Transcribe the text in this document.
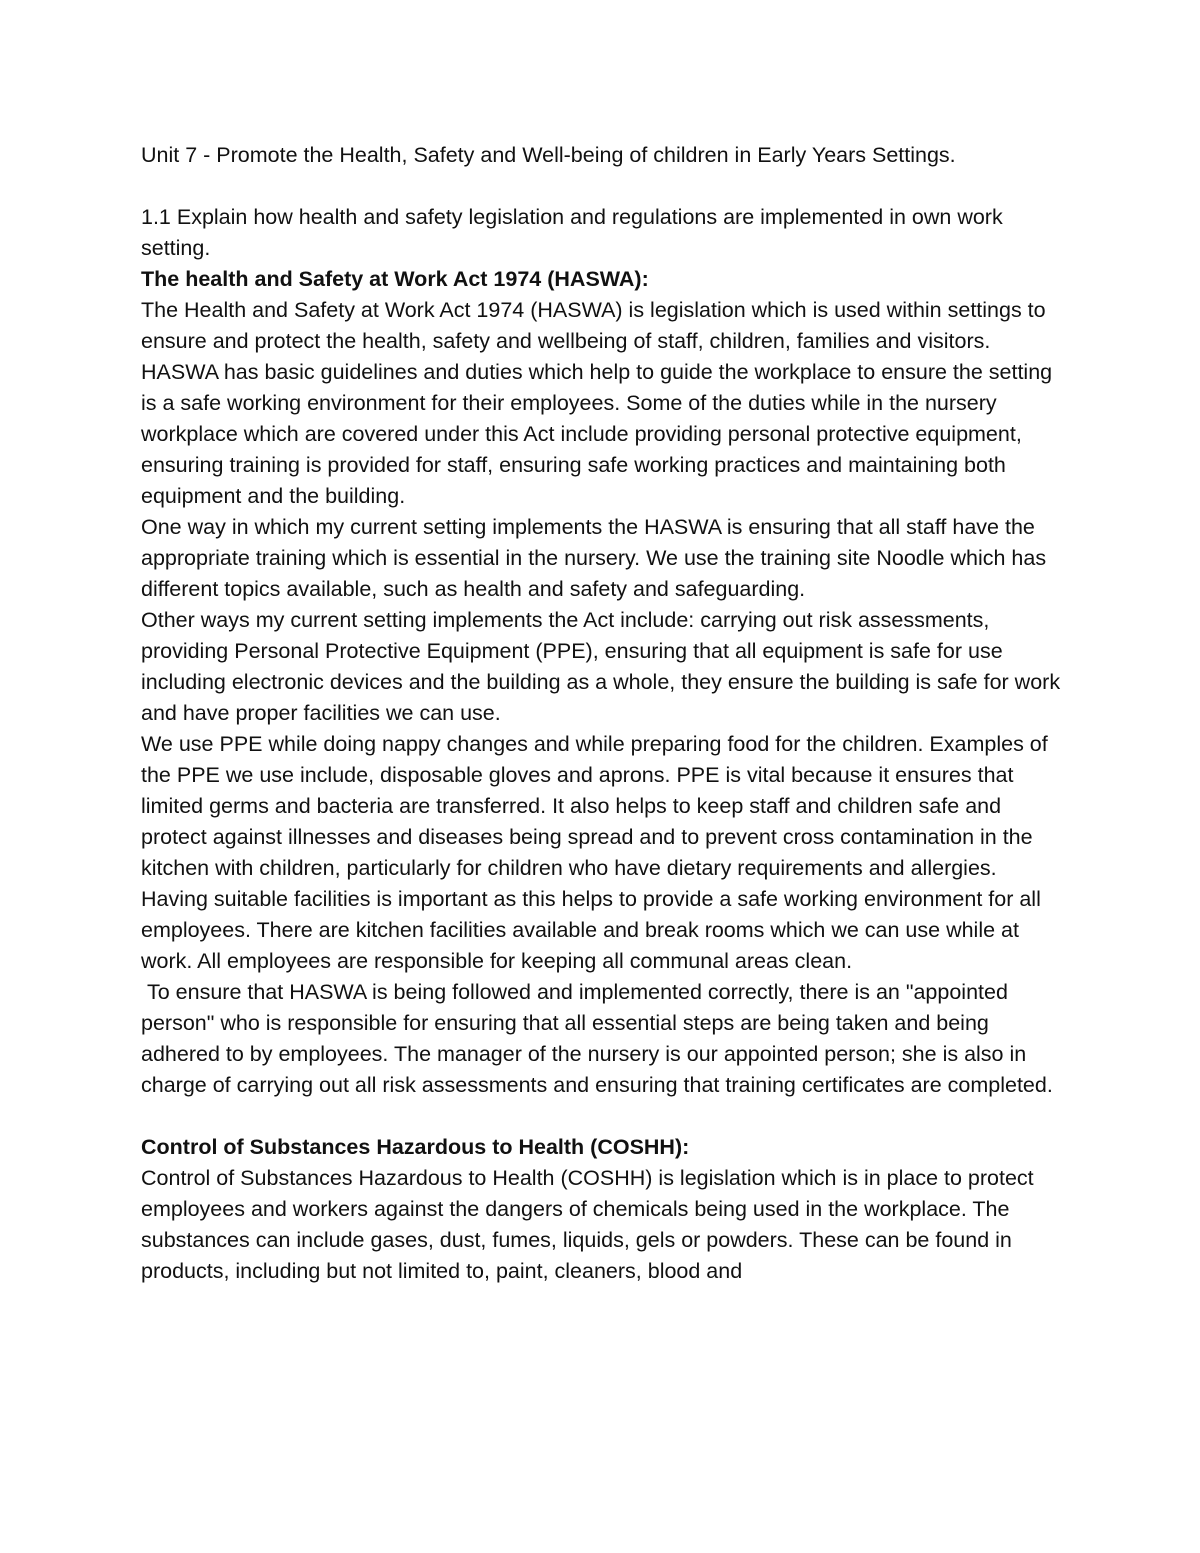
Unit 7 - Promote the Health, Safety and Well-being of children in Early Years Settings.

1.1 Explain how health and safety legislation and regulations are implemented in own work setting.

The health and Safety at Work Act 1974 (HASWA):

The Health and Safety at Work Act 1974 (HASWA) is legislation which is used within settings to ensure and protect the health, safety and wellbeing of staff, children, families and visitors. HASWA has basic guidelines and duties which help to guide the workplace to ensure the setting is a safe working environment for their employees. Some of the duties while in the nursery workplace which are covered under this Act include providing personal protective equipment, ensuring training is provided for staff, ensuring safe working practices and maintaining both equipment and the building.

One way in which my current setting implements the HASWA is ensuring that all staff have the appropriate training which is essential in the nursery. We use the training site Noodle which has different topics available, such as health and safety and safeguarding.

Other ways my current setting implements the Act include: carrying out risk assessments, providing Personal Protective Equipment (PPE), ensuring that all equipment is safe for use including electronic devices and the building as a whole, they ensure the building is safe for work and have proper facilities we can use.

We use PPE while doing nappy changes and while preparing food for the children. Examples of the PPE we use include, disposable gloves and aprons. PPE is vital because it ensures that limited germs and bacteria are transferred. It also helps to keep staff and children safe and protect against illnesses and diseases being spread and to prevent cross contamination in the kitchen with children, particularly for children who have dietary requirements and allergies.

Having suitable facilities is important as this helps to provide a safe working environment for all employees. There are kitchen facilities available and break rooms which we can use while at work. All employees are responsible for keeping all communal areas clean.

To ensure that HASWA is being followed and implemented correctly, there is an "appointed person" who is responsible for ensuring that all essential steps are being taken and being adhered to by employees. The manager of the nursery is our appointed person; she is also in charge of carrying out all risk assessments and ensuring that training certificates are completed.

Control of Substances Hazardous to Health (COSHH):

Control of Substances Hazardous to Health (COSHH) is legislation which is in place to protect employees and workers against the dangers of chemicals being used in the workplace. The substances can include gases, dust, fumes, liquids, gels or powders. These can be found in products, including but not limited to, paint, cleaners, blood and
